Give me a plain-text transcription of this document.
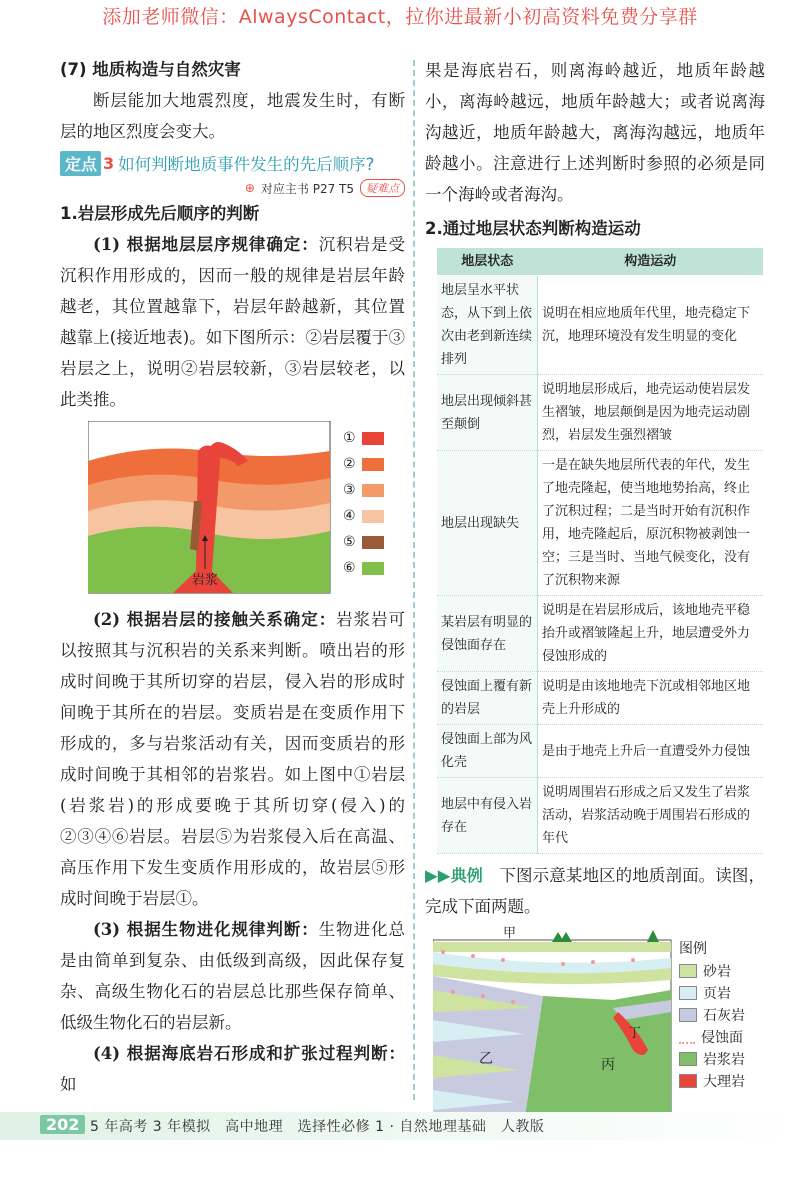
添加老师微信：AlwaysContact，拉你进最新小初高资料免费分享群

(7) 地质构造与自然灾害

断层能加大地震烈度，地震发生时，有断层的地区烈度会变大。

定点 3 如何判断地质事件发生的先后顺序?
⊕ 对应主书 P27 T5	疑难点

1.岩层形成先后顺序的判断

(1) 根据地层层序规律确定：沉积岩是受沉积作用形成的，因而一般的规律是岩层年龄越老，其位置越靠下，岩层年龄越新，其位置越靠上(接近地表)。如下图所示：②岩层覆于③岩层之上，说明②岩层较新，③岩层较老，以此类推。

岩浆
①
②
③
④
⑤
⑥

(2) 根据岩层的接触关系确定：岩浆岩可以按照其与沉积岩的关系来判断。喷出岩的形成时间晚于其所切穿的岩层，侵入岩的形成时间晚于其所在的岩层。变质岩是在变质作用下形成的，多与岩浆活动有关，因而变质岩的形成时间晚于其相邻的岩浆岩。如上图中①岩层(岩浆岩)的形成要晚于其所切穿(侵入)的②③④⑥岩层。岩层⑤为岩浆侵入后在高温、高压作用下发生变质作用形成的，故岩层⑤形成时间晚于岩层①。

(3) 根据生物进化规律判断：生物进化总是由简单到复杂、由低级到高级，因此保存复杂、高级生物化石的岩层总比那些保存简单、低级生物化石的岩层新。

(4) 根据海底岩石形成和扩张过程判断：如

果是海底岩石，则离海岭越近，地质年龄越小，离海岭越远，地质年龄越大；或者说离海沟越近，地质年龄越大，离海沟越远，地质年龄越小。注意进行上述判断时参照的必须是同一个海岭或者海沟。

2.通过地层状态判断构造运动

地层状态	构造运动
地层呈水平状态，从下到上依次由老到新连续排列	说明在相应地质年代里，地壳稳定下沉，地理环境没有发生明显的变化
地层出现倾斜甚至颠倒	说明地层形成后，地壳运动使岩层发生褶皱，地层颠倒是因为地壳运动剧烈，岩层发生强烈褶皱
地层出现缺失	一是在缺失地层所代表的年代，发生了地壳隆起，使当地地势抬高，终止了沉积过程；二是当时开始有沉积作用，地壳隆起后，原沉积物被剥蚀一空；三是当时、当地气候变化，没有了沉积物来源
某岩层有明显的侵蚀面存在	说明是在岩层形成后，该地地壳平稳抬升或褶皱隆起上升，地层遭受外力侵蚀形成的
侵蚀面上覆有新的岩层	说明是由该地地壳下沉或相邻地区地壳上升形成的
侵蚀面上部为风化壳	是由于地壳上升后一直遭受外力侵蚀
地层中有侵入岩存在	说明周围岩石形成之后又发生了岩浆活动，岩浆活动晚于周围岩石形成的年代

▶▶典例　 下图示意某地区的地质剖面。读图，完成下面两题。

甲
乙	丙
丁
图例
砂岩
页岩
石灰岩
侵蚀面
岩浆岩
大理岩
202 5 年高考 3 年模拟　高中地理　选择性必修 1 · 自然地理基础　人教版
